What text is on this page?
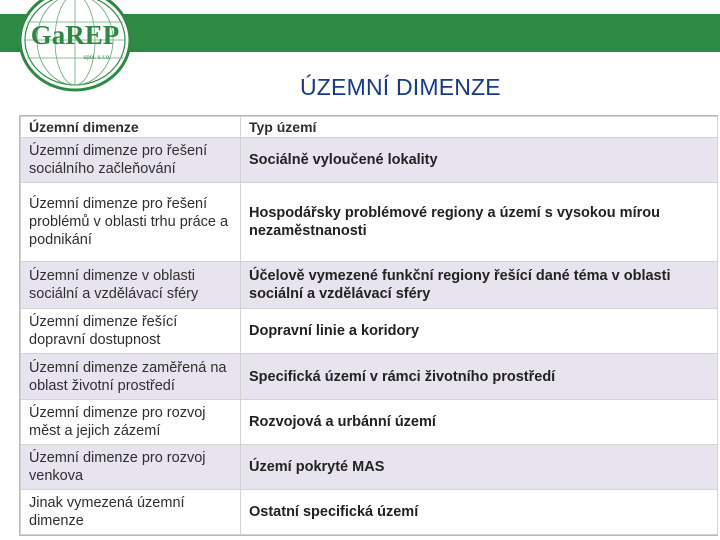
GaREP
spol. s r.o.
ÚZEMNÍ DIMENZE
Územní dimenze	Typ území
Územní dimenze pro řešení sociálního začleňování	Sociálně vyloučené lokality
Územní dimenze pro řešení problémů v oblasti trhu práce a podnikání	Hospodářsky problémové regiony a území s vysokou mírou nezaměstnanosti
Územní dimenze v oblasti sociální a vzdělávací sféry	Účelově vymezené funkční regiony řešící dané téma v oblasti sociální a vzdělávací sféry
Územní dimenze řešící dopravní dostupnost	Dopravní linie a koridory
Územní dimenze zaměřená na oblast životní prostředí	Specifická území v rámci životního prostředí
Územní dimenze pro rozvoj měst a jejich zázemí	Rozvojová a urbánní území
Územní dimenze pro rozvoj venkova	Území pokryté MAS
Jinak vymezená územní dimenze	Ostatní specifická území
